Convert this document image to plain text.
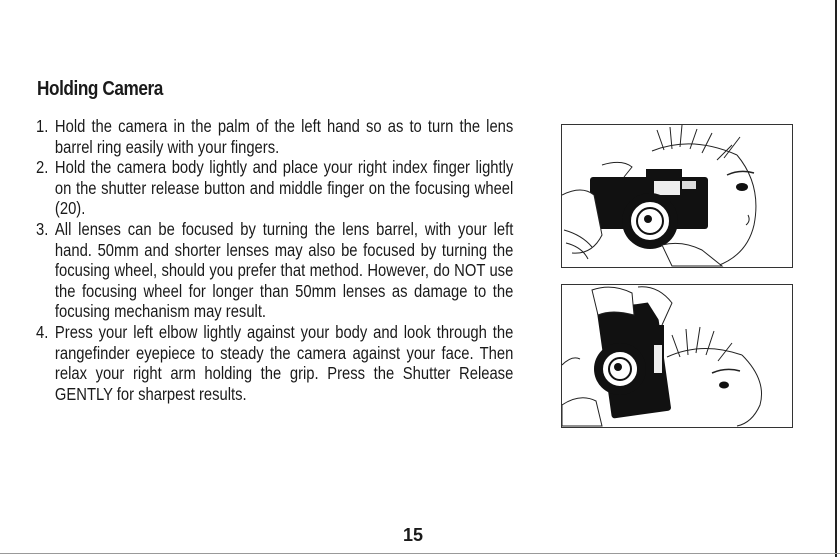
Holding Camera
1. Hold the camera in the palm of the left hand so as to turn the lens barrel ring easily with your fingers.
2. Hold the camera body lightly and place your right index finger lightly on the shutter release button and middle finger on the focusing wheel (20).
3. All lenses can be focused by turning the lens barrel, with your left hand. 50mm and shorter lenses may also be focused by turning the focusing wheel, should you prefer that method. However, do NOT use the focusing wheel for longer than 50mm lenses as damage to the focusing mechanism may result.
4. Press your left elbow lightly against your body and look through the rangefinder eyepiece to steady the camera against your face. Then relax your right arm holding the grip. Press the Shutter Release GENTLY for sharpest results.
15
